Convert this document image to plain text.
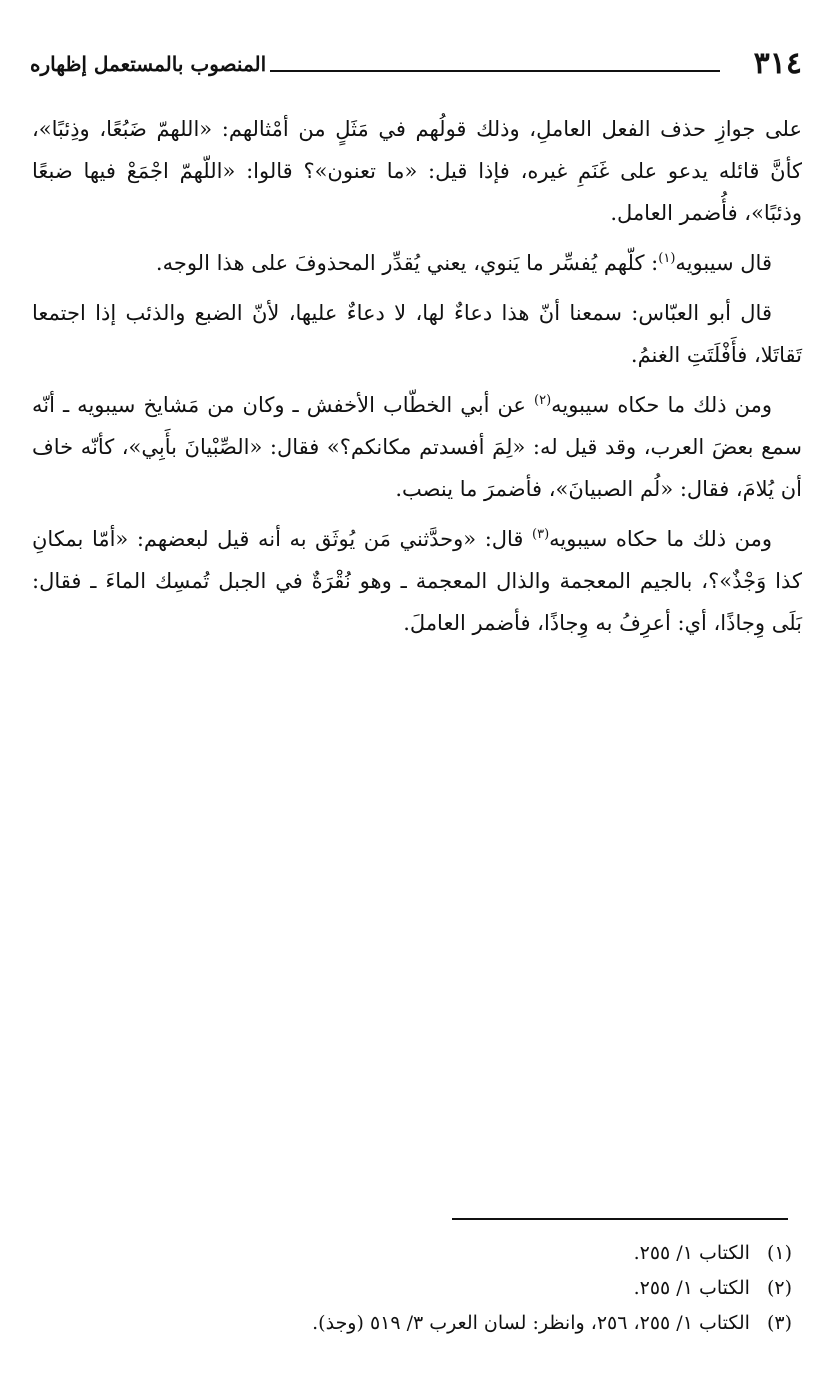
٣١٤
المنصوب بالمستعمل إظهاره

على جوازِ حذف الفعل العاملِ، وذلك قولُهم في مَثَلٍ من أمْثالهم: «اللهمّ ضَبُعًا، وذِئبًا»، كأنَّ قائله يدعو على غَنَمِ غيره، فإذا قيل: «ما تعنون»؟ قالوا: «اللّهمّ اجْمَعْ فيها ضبعًا وذئبًا»، فأُضمر العامل.

قال سيبويه$^{(١)}$: كلّهم يُفسِّر ما يَنوي، يعني يُقدِّر المحذوفَ على هذا الوجه.

قال أبو العبّاس: سمعنا أنّ هذا دعاءٌ لها، لا دعاءٌ عليها، لأنّ الضبع والذئب إذا اجتمعا تَقاتَلا، فأَفْلَتَتِ الغنمُ.

ومن ذلك ما حكاه سيبويه$^{(٢)}$ عن أبي الخطّاب الأخفش ـ وكان من مَشايخ سيبويه ـ أنّه سمع بعضَ العرب، وقد قيل له: «لِمَ أفسدتم مكانكم؟» فقال: «الصِّبْيانَ بأَبِي»، كأنّه خاف أن يُلامَ، فقال: «لُم الصبيانَ»، فأضمرَ ما ينصب.

ومن ذلك ما حكاه سيبويه$^{(٣)}$ قال: «وحدَّثني مَن يُوثَق به أنه قيل لبعضهم: «أمّا بمكانِ كذا وَجْذٌ»؟، بالجيم المعجمة والذال المعجمة ـ وهو نُقْرَةٌ في الجبل تُمسِك الماءَ ـ فقال: بَلَى وِجاذًا، أي: أعرِفُ به وِجاذًا، فأضمر العاملَ.

(١) الكتاب ١/ ٢٥٥.
(٢) الكتاب ١/ ٢٥٥.
(٣) الكتاب ١/ ٢٥٥، ٢٥٦، وانظر: لسان العرب ٣/ ٥١٩ (وجذ).
